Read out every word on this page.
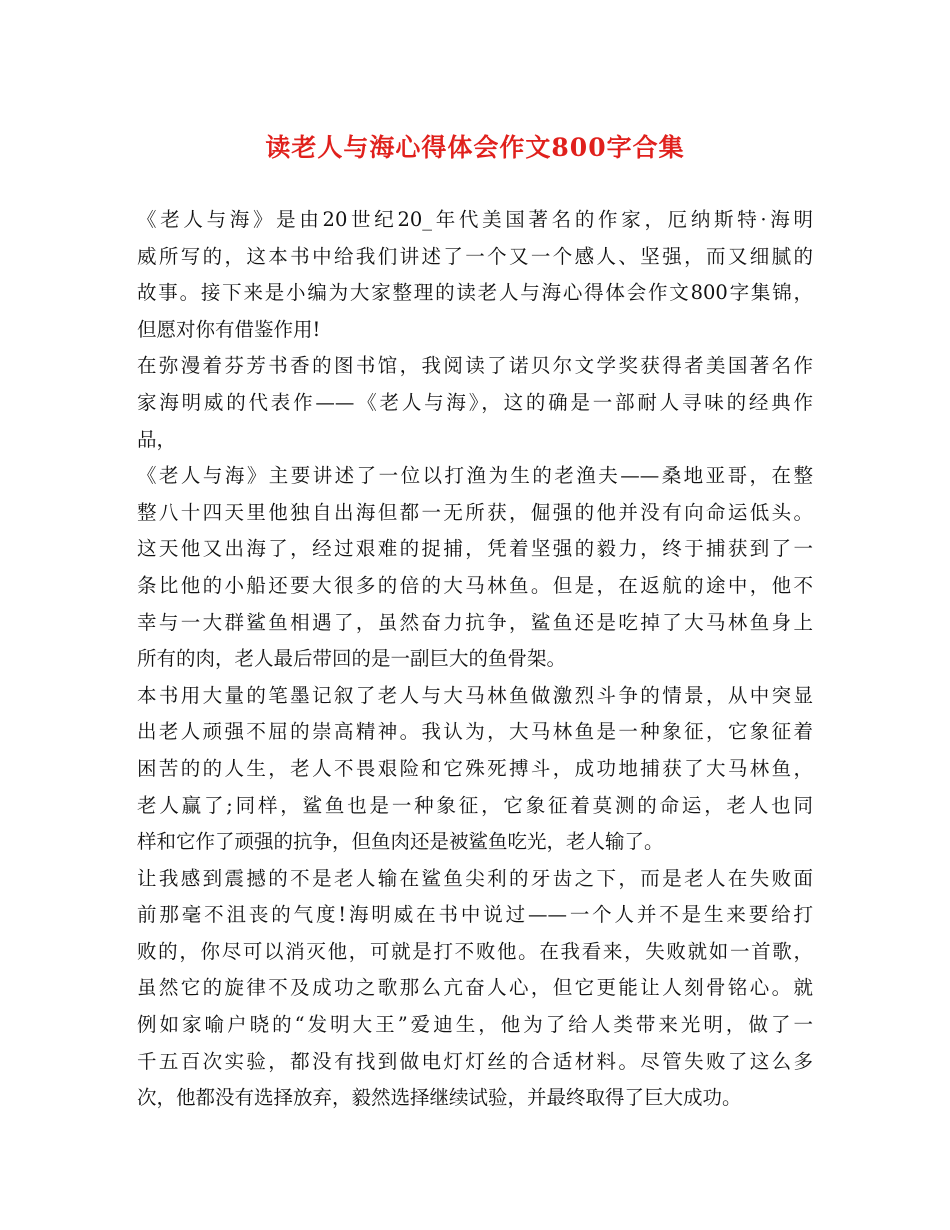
读老人与海心得体会作文800字合集
《老人与海》是由20世纪20_年代美国著名的作家，厄纳斯特·海明
威所写的，这本书中给我们讲述了一个又一个感人、坚强，而又细腻的
故事。接下来是小编为大家整理的读老人与海心得体会作文800字集锦，
但愿对你有借鉴作用!
在弥漫着芬芳书香的图书馆，我阅读了诺贝尔文学奖获得者美国著名作
家海明威的代表作——《老人与海》，这的确是一部耐人寻味的经典作
品，
《老人与海》主要讲述了一位以打渔为生的老渔夫——桑地亚哥，在整
整八十四天里他独自出海但都一无所获，倔强的他并没有向命运低头。
这天他又出海了，经过艰难的捉捕，凭着坚强的毅力，终于捕获到了一
条比他的小船还要大很多的倍的大马林鱼。但是，在返航的途中，他不
幸与一大群鲨鱼相遇了，虽然奋力抗争，鲨鱼还是吃掉了大马林鱼身上
所有的肉，老人最后带回的是一副巨大的鱼骨架。
本书用大量的笔墨记叙了老人与大马林鱼做激烈斗争的情景，从中突显
出老人顽强不屈的崇高精神。我认为，大马林鱼是一种象征，它象征着
困苦的的人生，老人不畏艰险和它殊死搏斗，成功地捕获了大马林鱼，
老人赢了;同样，鲨鱼也是一种象征，它象征着莫测的命运，老人也同
样和它作了顽强的抗争，但鱼肉还是被鲨鱼吃光，老人输了。
让我感到震撼的不是老人输在鲨鱼尖利的牙齿之下，而是老人在失败面
前那毫不沮丧的气度!海明威在书中说过——一个人并不是生来要给打
败的，你尽可以消灭他，可就是打不败他。在我看来，失败就如一首歌，
虽然它的旋律不及成功之歌那么亢奋人心，但它更能让人刻骨铭心。就
例如家喻户晓的“发明大王”爱迪生，他为了给人类带来光明，做了一
千五百次实验，都没有找到做电灯灯丝的合适材料。尽管失败了这么多
次，他都没有选择放弃，毅然选择继续试验，并最终取得了巨大成功。
